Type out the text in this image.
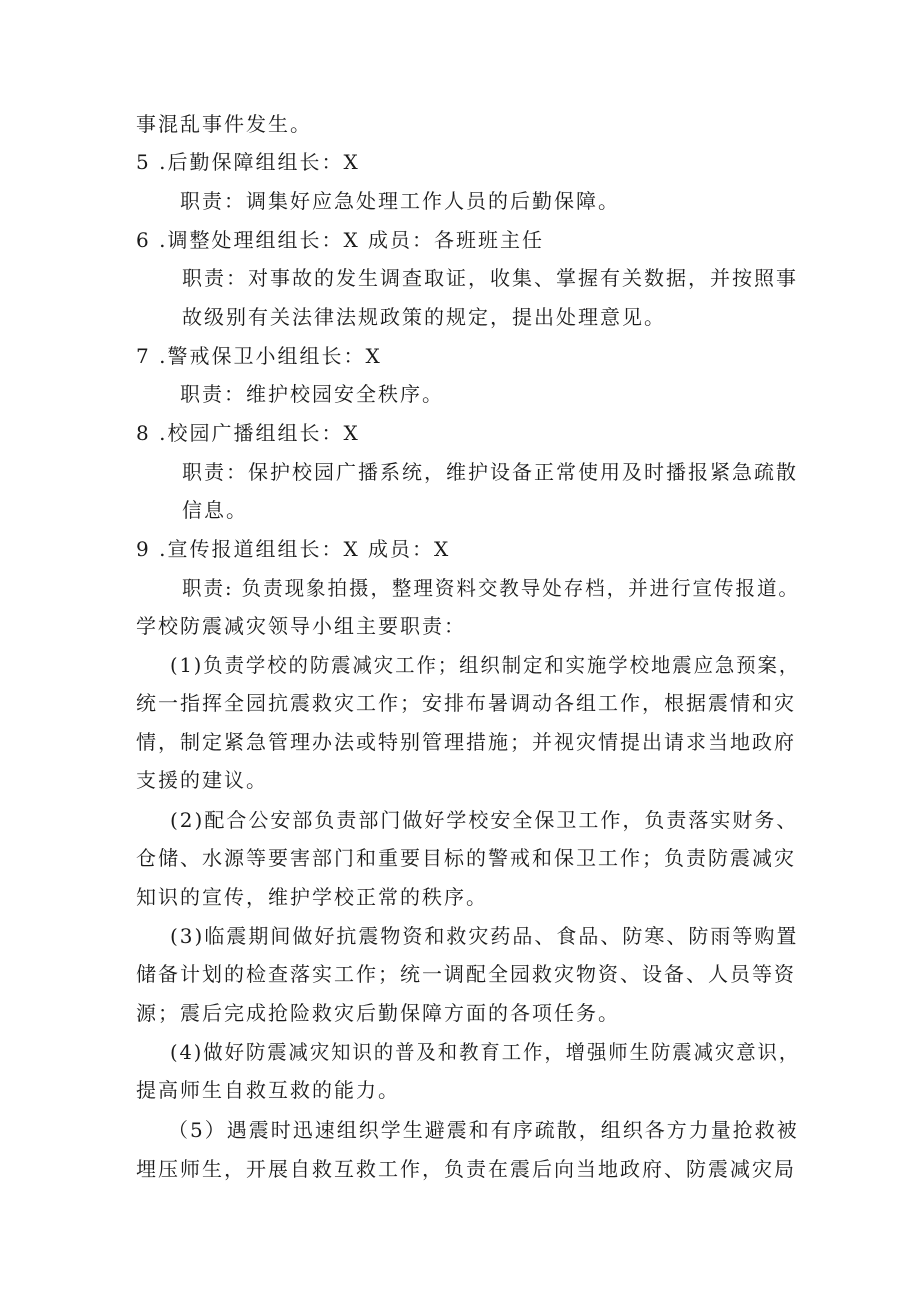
事混乱事件发生。
5 .后勤保障组组长：X
职责：调集好应急处理工作人员的后勤保障。
6 .调整处理组组长：X 成员：各班班主任
职责：对事故的发生调查取证，收集、掌握有关数据，并按照事
故级别有关法律法规政策的规定，提出处理意见。
7 .警戒保卫小组组长：X
职责：维护校园安全秩序。
8 .校园广播组组长：X
职责：保护校园广播系统，维护设备正常使用及时播报紧急疏散
信息。
9 .宣传报道组组长：X 成员：X
职责: 负责现象拍摄，整理资料交教导处存档，并进行宣传报道。
学校防震减灾领导小组主要职责：
(1)负责学校的防震减灾工作；组织制定和实施学校地震应急预案，
统一指挥全园抗震救灾工作；安排布暑调动各组工作，根据震情和灾
情，制定紧急管理办法或特别管理措施；并视灾情提出请求当地政府
支援的建议。
(2)配合公安部负责部门做好学校安全保卫工作，负责落实财务、
仓储、水源等要害部门和重要目标的警戒和保卫工作；负责防震减灾
知识的宣传，维护学校正常的秩序。
(3)临震期间做好抗震物资和救灾药品、食品、防寒、防雨等购置
储备计划的检查落实工作；统一调配全园救灾物资、设备、人员等资
源；震后完成抢险救灾后勤保障方面的各项任务。
(4)做好防震减灾知识的普及和教育工作，增强师生防震减灾意识，
提高师生自救互救的能力。
（5）遇震时迅速组织学生避震和有序疏散，组织各方力量抢救被
埋压师生，开展自救互救工作，负责在震后向当地政府、防震减灾局
